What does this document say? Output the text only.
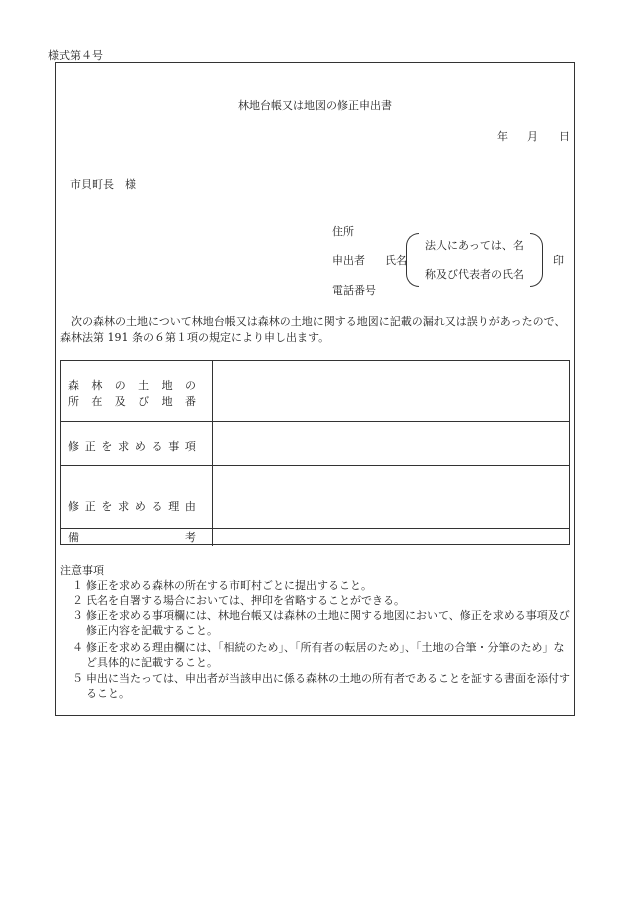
様式第４号
林地台帳又は地図の修正申出書
年 月 日
市貝町長　様
住所
申出者 氏名
電話番号
法人にあっては、名
称及び代表者の氏名
印
次の森林の土地について林地台帳又は森林の土地に関する地図に記載の漏れ又は誤りがあったので、森林法第 191 条の６第１項の規定により申し出ます。
森 林 の 土 地 の
所 在 及 び 地 番
修 正 を 求 め る 事 項
修 正 を 求 め る 理 由
備	考
注意事項
１ 修正を求める森林の所在する市町村ごとに提出すること。
２ 氏名を自署する場合においては、押印を省略することができる。
３ 修正を求める事項欄には、林地台帳又は森林の土地に関する地図において、修正を求める事項及び修正内容を記載すること。
４ 修正を求める理由欄には、「相続のため」、「所有者の転居のため」、「土地の合筆・分筆のため」など具体的に記載すること。
５ 申出に当たっては、申出者が当該申出に係る森林の土地の所有者であることを証する書面を添付すること。
